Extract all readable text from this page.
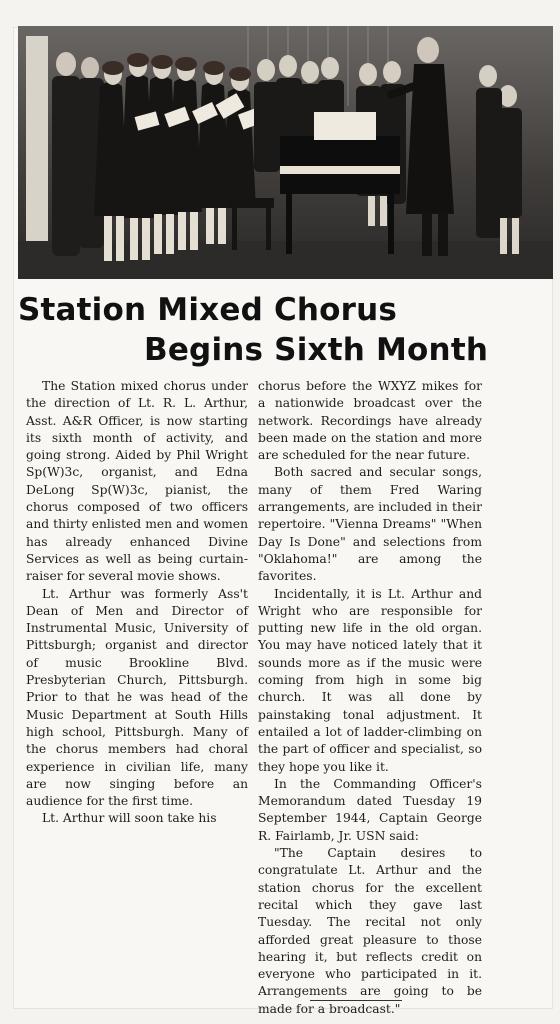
Station Mixed Chorus
Begins Sixth Month

The Station mixed chorus under the direction of Lt. R. L. Arthur, Asst. A&R Officer, is now starting its sixth month of activity, and going strong. Aided by Phil Wright Sp(W)3c, organist, and Edna DeLong Sp(W)3c, pianist, the chorus composed of two officers and thirty enlisted men and women has already enhanced Divine Services as well as being curtain-raiser for several movie shows.

Lt. Arthur was formerly Ass't Dean of Men and Director of Instrumental Music, University of Pittsburgh; organist and director of music Brookline Blvd. Presbyterian Church, Pittsburgh. Prior to that he was head of the Music Department at South Hills high school, Pittsburgh. Many of the chorus members had choral experience in civilian life, many are now singing before an audience for the first time.

Lt. Arthur will soon take his

chorus before the WXYZ mikes for a nationwide broadcast over the network. Recordings have already been made on the station and more are scheduled for the near future.

Both sacred and secular songs, many of them Fred Waring arrangements, are included in their repertoire. "Vienna Dreams" "When Day Is Done" and selections from "Oklahoma!" are among the favorites.

Incidentally, it is Lt. Arthur and Wright who are responsible for putting new life in the old organ. You may have noticed lately that it sounds more as if the music were coming from high in some big church. It was all done by painstaking tonal adjustment. It entailed a lot of ladder-climbing on the part of officer and specialist, so they hope you like it.

In the Commanding Officer's Memorandum dated Tuesday 19 September 1944, Captain George R. Fairlamb, Jr. USN said:

"The Captain desires to congratulate Lt. Arthur and the station chorus for the excellent recital which they gave last Tuesday. The recital not only afforded great pleasure to those hearing it, but reflects credit on everyone who participated in it. Arrangements are going to be made for a broadcast."
